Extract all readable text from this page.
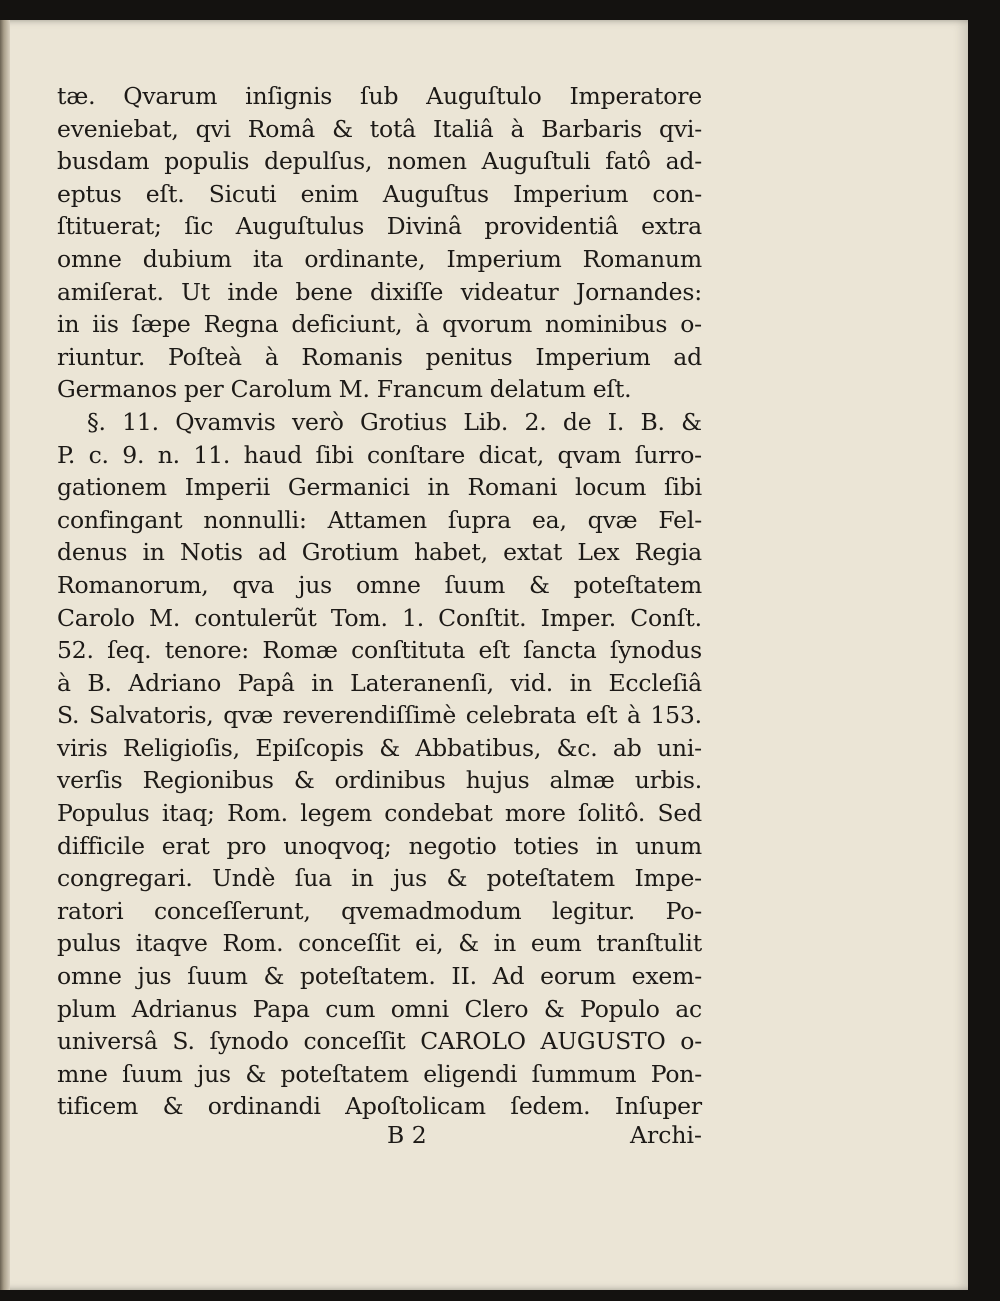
tæ. Qvarum inſignis ſub Auguſtulo Imperatore
eveniebat, qvi Româ & totâ Italiâ à Barbaris qvi-
busdam populis depulſus, nomen Auguſtuli fatô ad-
eptus eſt. Sicuti enim Auguſtus Imperium con-
ſtituerat; ſic Auguſtulus Divinâ providentiâ extra
omne dubium ita ordinante, Imperium Romanum
amiſerat. Ut inde bene dixiſſe videatur Jornandes:
in iis ſæpe Regna deficiunt, à qvorum nominibus o-
riuntur. Poſteà à Romanis penitus Imperium ad
Germanos per Carolum M. Francum delatum eſt.
§. 11. Qvamvis verò Grotius Lib. 2. de I. B. &
P. c. 9. n. 11. haud ſibi conſtare dicat, qvam ſurro-
gationem Imperii Germanici in Romani locum ſibi
confingant nonnulli: Attamen ſupra ea, qvæ Fel-
denus in Notis ad Grotium habet, extat Lex Regia
Romanorum, qva jus omne ſuum & poteſtatem
Carolo M. contulerũt Tom. 1. Conſtit. Imper. Conſt.
52. ſeq. tenore: Romæ conſtituta eſt ſancta ſynodus
à B. Adriano Papâ in Lateranenſi, vid. in Eccleſiâ
S. Salvatoris, qvæ reverendiſſimè celebrata eſt à 153.
viris Religioſis, Epiſcopis & Abbatibus, &c. ab uni-
verſis Regionibus & ordinibus hujus almæ urbis.
Populus itaq; Rom. legem condebat more ſolitô. Sed
difficile erat pro unoqvoq; negotio toties in unum
congregari. Undè ſua in jus & poteſtatem Impe-
ratori conceſſerunt, qvemadmodum legitur. Po-
pulus itaqve Rom. conceſſit ei, & in eum tranſtulit
omne jus ſuum & poteſtatem. II. Ad eorum exem-
plum Adrianus Papa cum omni Clero & Populo ac
universâ S. ſynodo conceſſit CAROLO AUGUSTO o-
mne ſuum jus & poteſtatem eligendi ſummum Pon-
tificem & ordinandi Apoſtolicam ſedem. Inſuper
B 2	Archi-
